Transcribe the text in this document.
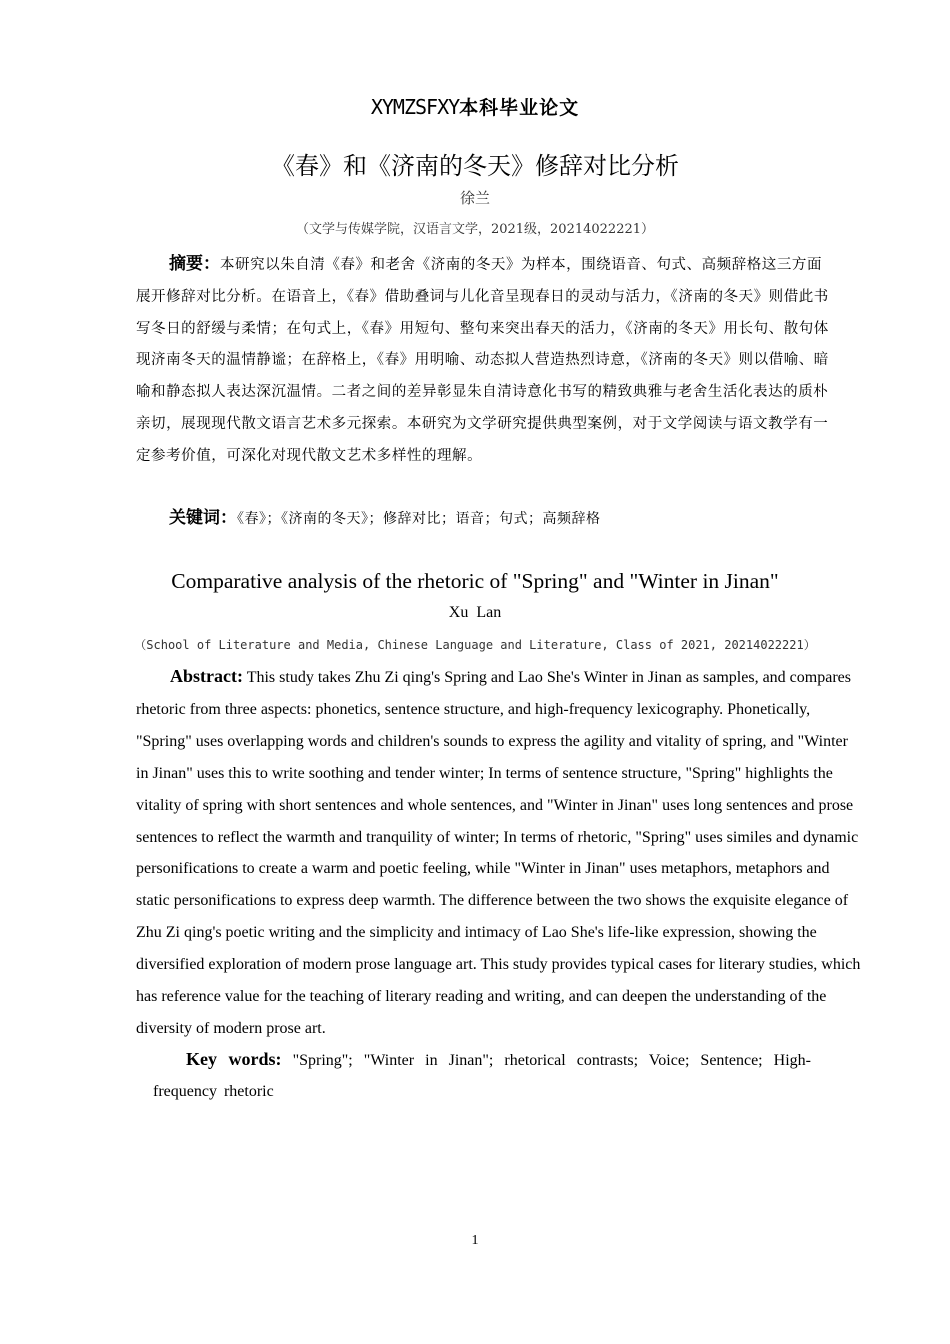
XYMZSFXY本科毕业论文
《春》和《济南的冬天》修辞对比分析
徐兰
（文学与传媒学院，汉语言文学，2021级，20214022221）

摘要：本研究以朱自清《春》和老舍《济南的冬天》为样本，围绕语音、句式、高频辞格这三方面展开修辞对比分析。在语音上，《春》借助叠词与儿化音呈现春日的灵动与活力，《济南的冬天》则借此书写冬日的舒缓与柔情；在句式上，《春》用短句、整句来突出春天的活力，《济南的冬天》用长句、散句体现济南冬天的温情静谧；在辞格上，《春》用明喻、动态拟人营造热烈诗意，《济南的冬天》则以借喻、暗喻和静态拟人表达深沉温情。二者之间的差异彰显朱自清诗意化书写的精致典雅与老舍生活化表达的质朴亲切，展现现代散文语言艺术多元探索。本研究为文学研究提供典型案例，对于文学阅读与语文教学有一定参考价值，可深化对现代散文艺术多样性的理解。

关键词：《春》；《济南的冬天》；修辞对比；语音；句式；高频辞格
Comparative analysis of the rhetoric of "Spring" and "Winter in Jinan"
Xu Lan
（School of Literature and Media, Chinese Language and Literature, Class of 2021, 20214022221）

Abstract: This study takes Zhu Zi qing's Spring and Lao She's Winter in Jinan as samples, and compares rhetoric from three aspects: phonetics, sentence structure, and high-frequency lexicography. Phonetically, "Spring" uses overlapping words and children's sounds to express the agility and vitality of spring, and "Winter in Jinan" uses this to write soothing and tender winter; In terms of sentence structure, "Spring" highlights the vitality of spring with short sentences and whole sentences, and "Winter in Jinan" uses long sentences and prose sentences to reflect the warmth and tranquility of winter; In terms of rhetoric, "Spring" uses similes and dynamic personifications to create a warm and poetic feeling, while "Winter in Jinan" uses metaphors, metaphors and static personifications to express deep warmth. The difference between the two shows the exquisite elegance of Zhu Zi qing's poetic writing and the simplicity and intimacy of Lao She's life-like expression, showing the diversified exploration of modern prose language art. This study provides typical cases for literary studies, which has reference value for the teaching of literary reading and writing, and can deepen the understanding of the diversity of modern prose art.

Key words: "Spring"; "Winter in Jinan"; rhetorical contrasts; Voice; Sentence; High-frequency rhetoric

1
